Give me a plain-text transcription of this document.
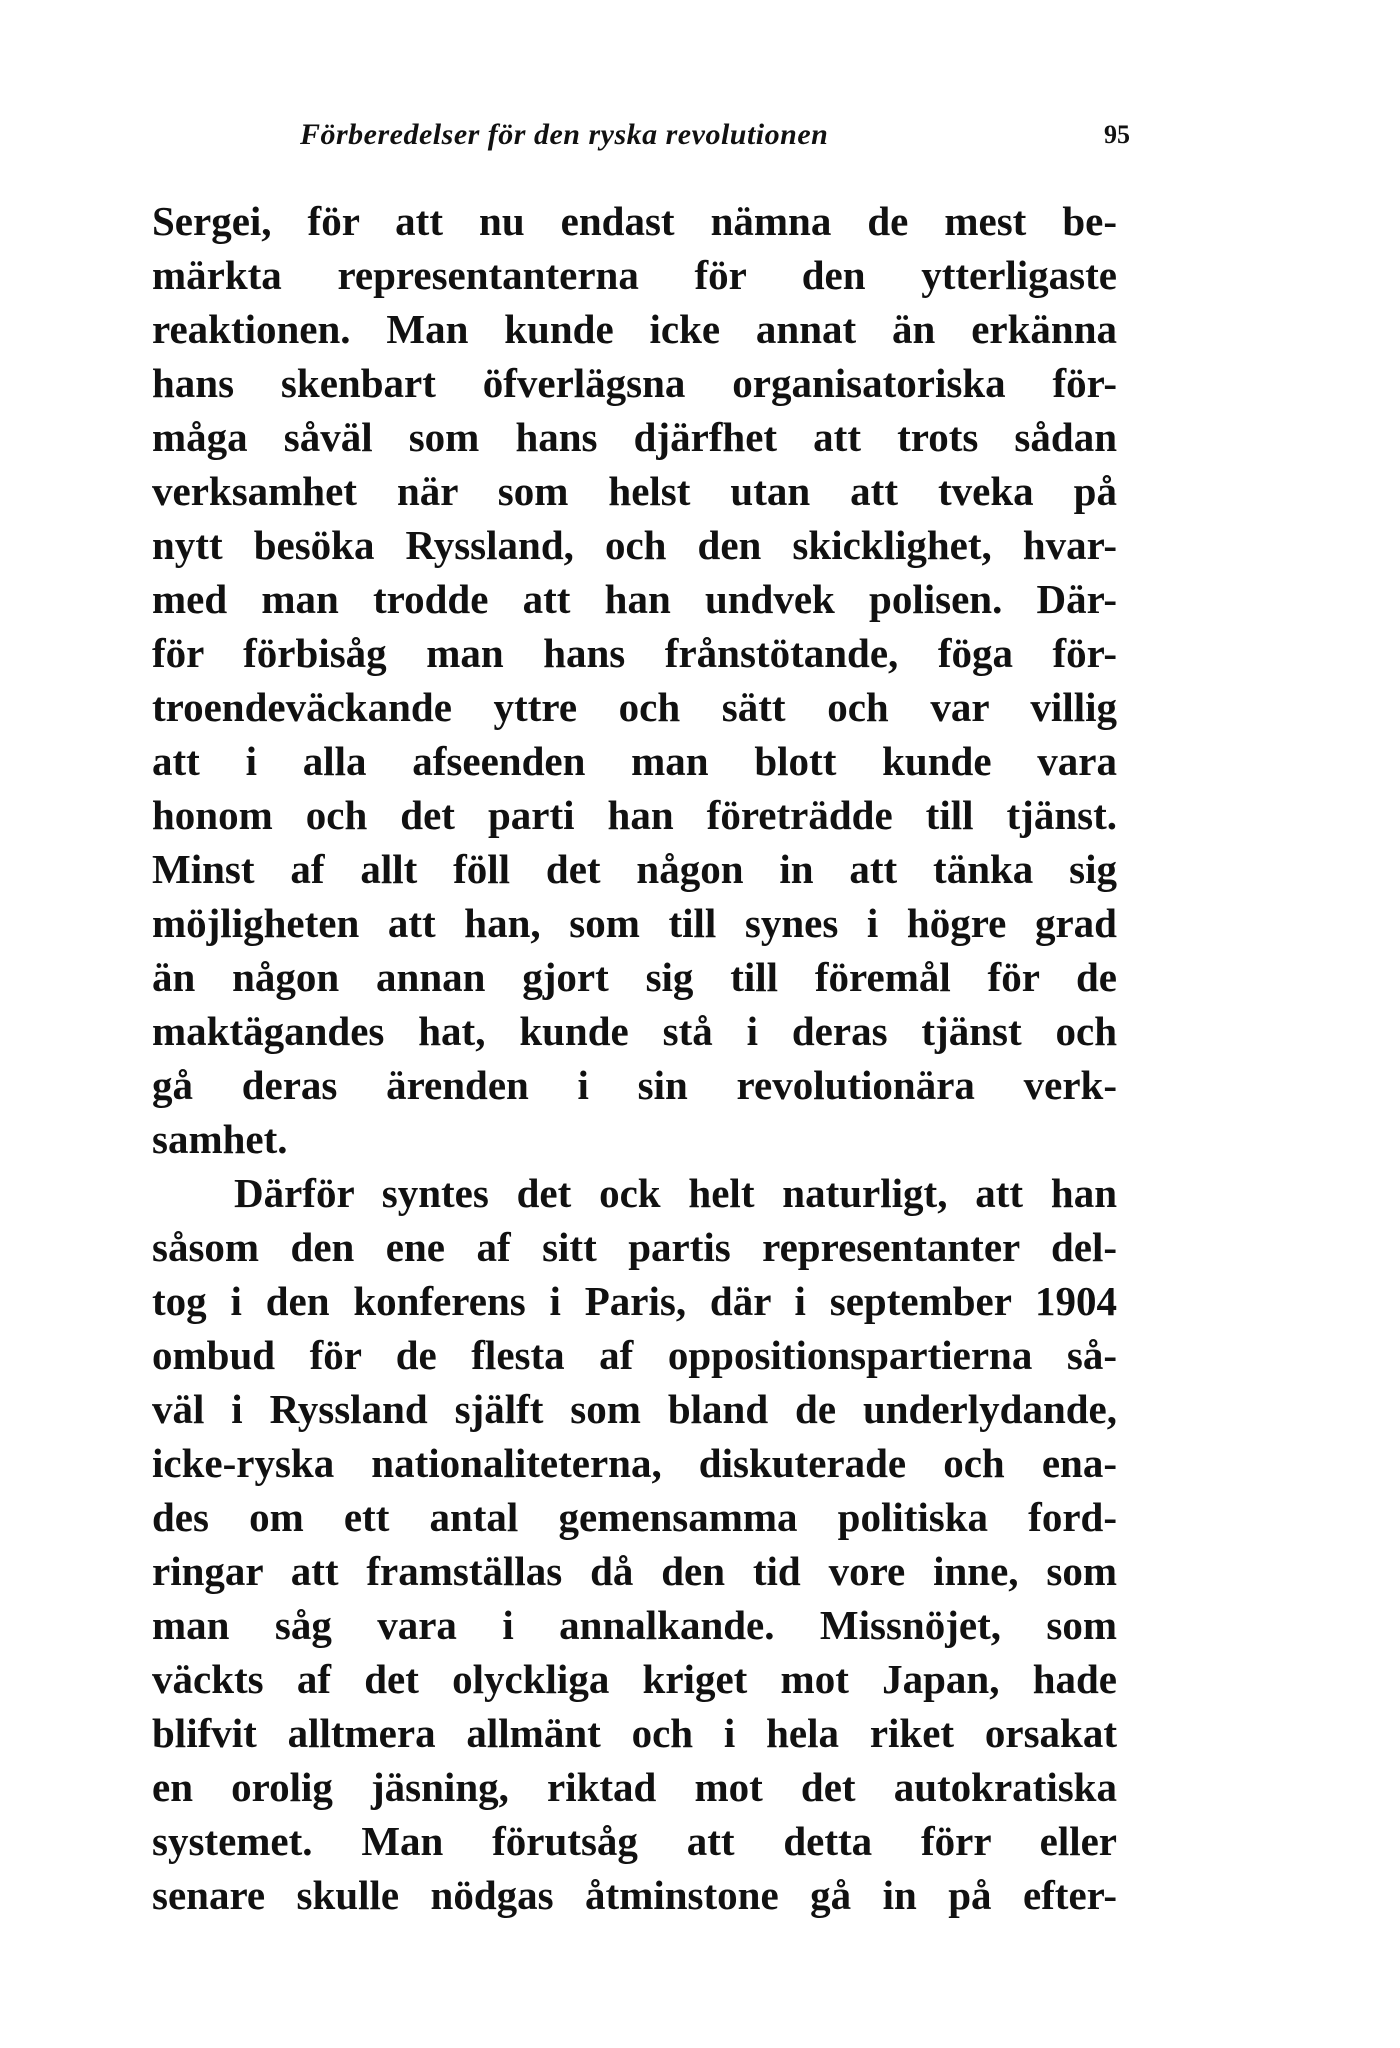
Förberedelser för den ryska revolutionen	95
Sergei, för att nu endast nämna de mest be-
märkta representanterna för den ytterligaste
reaktionen. Man kunde icke annat än erkänna
hans skenbart öfverlägsna organisatoriska för-
måga såväl som hans djärfhet att trots sådan
verksamhet när som helst utan att tveka på
nytt besöka Ryssland, och den skicklighet, hvar-
med man trodde att han undvek polisen. Där-
för förbisåg man hans frånstötande, föga för-
troendeväckande yttre och sätt och var villig
att i alla afseenden man blott kunde vara
honom och det parti han företrädde till tjänst.
Minst af allt föll det någon in att tänka sig
möjligheten att han, som till synes i högre grad
än någon annan gjort sig till föremål för de
maktägandes hat, kunde stå i deras tjänst och
gå deras ärenden i sin revolutionära verk-
samhet.
Därför syntes det ock helt naturligt, att han
såsom den ene af sitt partis representanter del-
tog i den konferens i Paris, där i september 1904
ombud för de flesta af oppositionspartierna så-
väl i Ryssland själft som bland de underlydande,
icke-ryska nationaliteterna, diskuterade och ena-
des om ett antal gemensamma politiska ford-
ringar att framställas då den tid vore inne, som
man såg vara i annalkande. Missnöjet, som
väckts af det olyckliga kriget mot Japan, hade
blifvit alltmera allmänt och i hela riket orsakat
en orolig jäsning, riktad mot det autokratiska
systemet. Man förutsåg att detta förr eller
senare skulle nödgas åtminstone gå in på efter-
